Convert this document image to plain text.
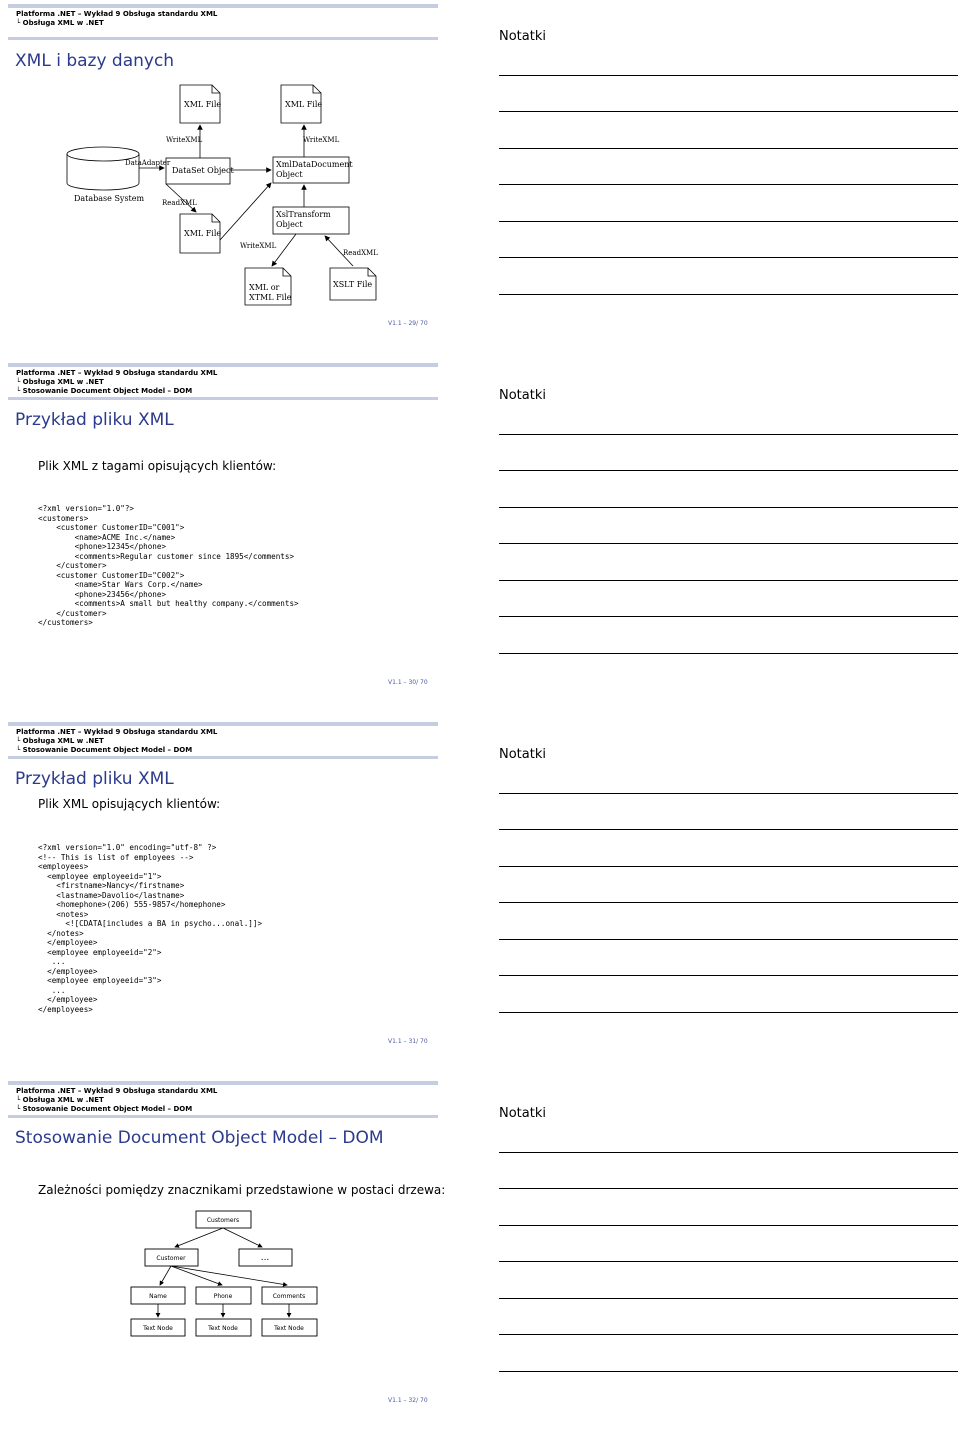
Platforma .NET – Wykład 9 Obsługa standardu XML
└ Obsługa XML w .NET
XML i bazy danych
Notatki
XML File	XML File
WriteXML	WriteXML
DataAdapter
DataSet Object
XmlDataDocument
Object
Database System	ReadXML
XML File
XslTransform
Object
WriteXML
ReadXML
XML or
XTML File
XSLT File
V1.1 – 29/ 70
Platforma .NET – Wykład 9 Obsługa standardu XML
└ Obsługa XML w .NET
└ Stosowanie Document Object Model – DOM
Przykład pliku XML
Notatki
Plik XML z tagami opisujących klientów:
<?xml version="1.0"?>
<customers>
<customer CustomerID="C001">
<name>ACME Inc.</name>
<phone>12345</phone>
<comments>Regular customer since 1895</comments>
</customer>
<customer CustomerID="C002">
<name>Star Wars Corp.</name>
<phone>23456</phone>
<comments>A small but healthy company.</comments>
</customer>
</customers>
V1.1 – 30/ 70
Platforma .NET – Wykład 9 Obsługa standardu XML
└ Obsługa XML w .NET
└ Stosowanie Document Object Model – DOM
Przykład pliku XML
Notatki
Plik XML opisujących klientów:
<?xml version="1.0" encoding="utf-8" ?>
<!-- This is list of employees -->
<employees>
<employee employeeid="1">
<firstname>Nancy</firstname>
<lastname>Davolio</lastname>
<homephone>(206) 555-9857</homephone>
<notes>
<![CDATA[includes a BA in psycho...onal.]]>
</notes>
</employee>
<employee employeeid="2">
...
</employee>
<employee employeeid="3">
...
</employee>
</employees>
V1.1 – 31/ 70
Platforma .NET – Wykład 9 Obsługa standardu XML
└ Obsługa XML w .NET
└ Stosowanie Document Object Model – DOM
Stosowanie Document Object Model – DOM
Notatki
Zależności pomiędzy znacznikami przedstawione w postaci drzewa:
Customers
Customer	...
Name	Phone	Comments
Text Node	Text Node	Text Node
V1.1 – 32/ 70
